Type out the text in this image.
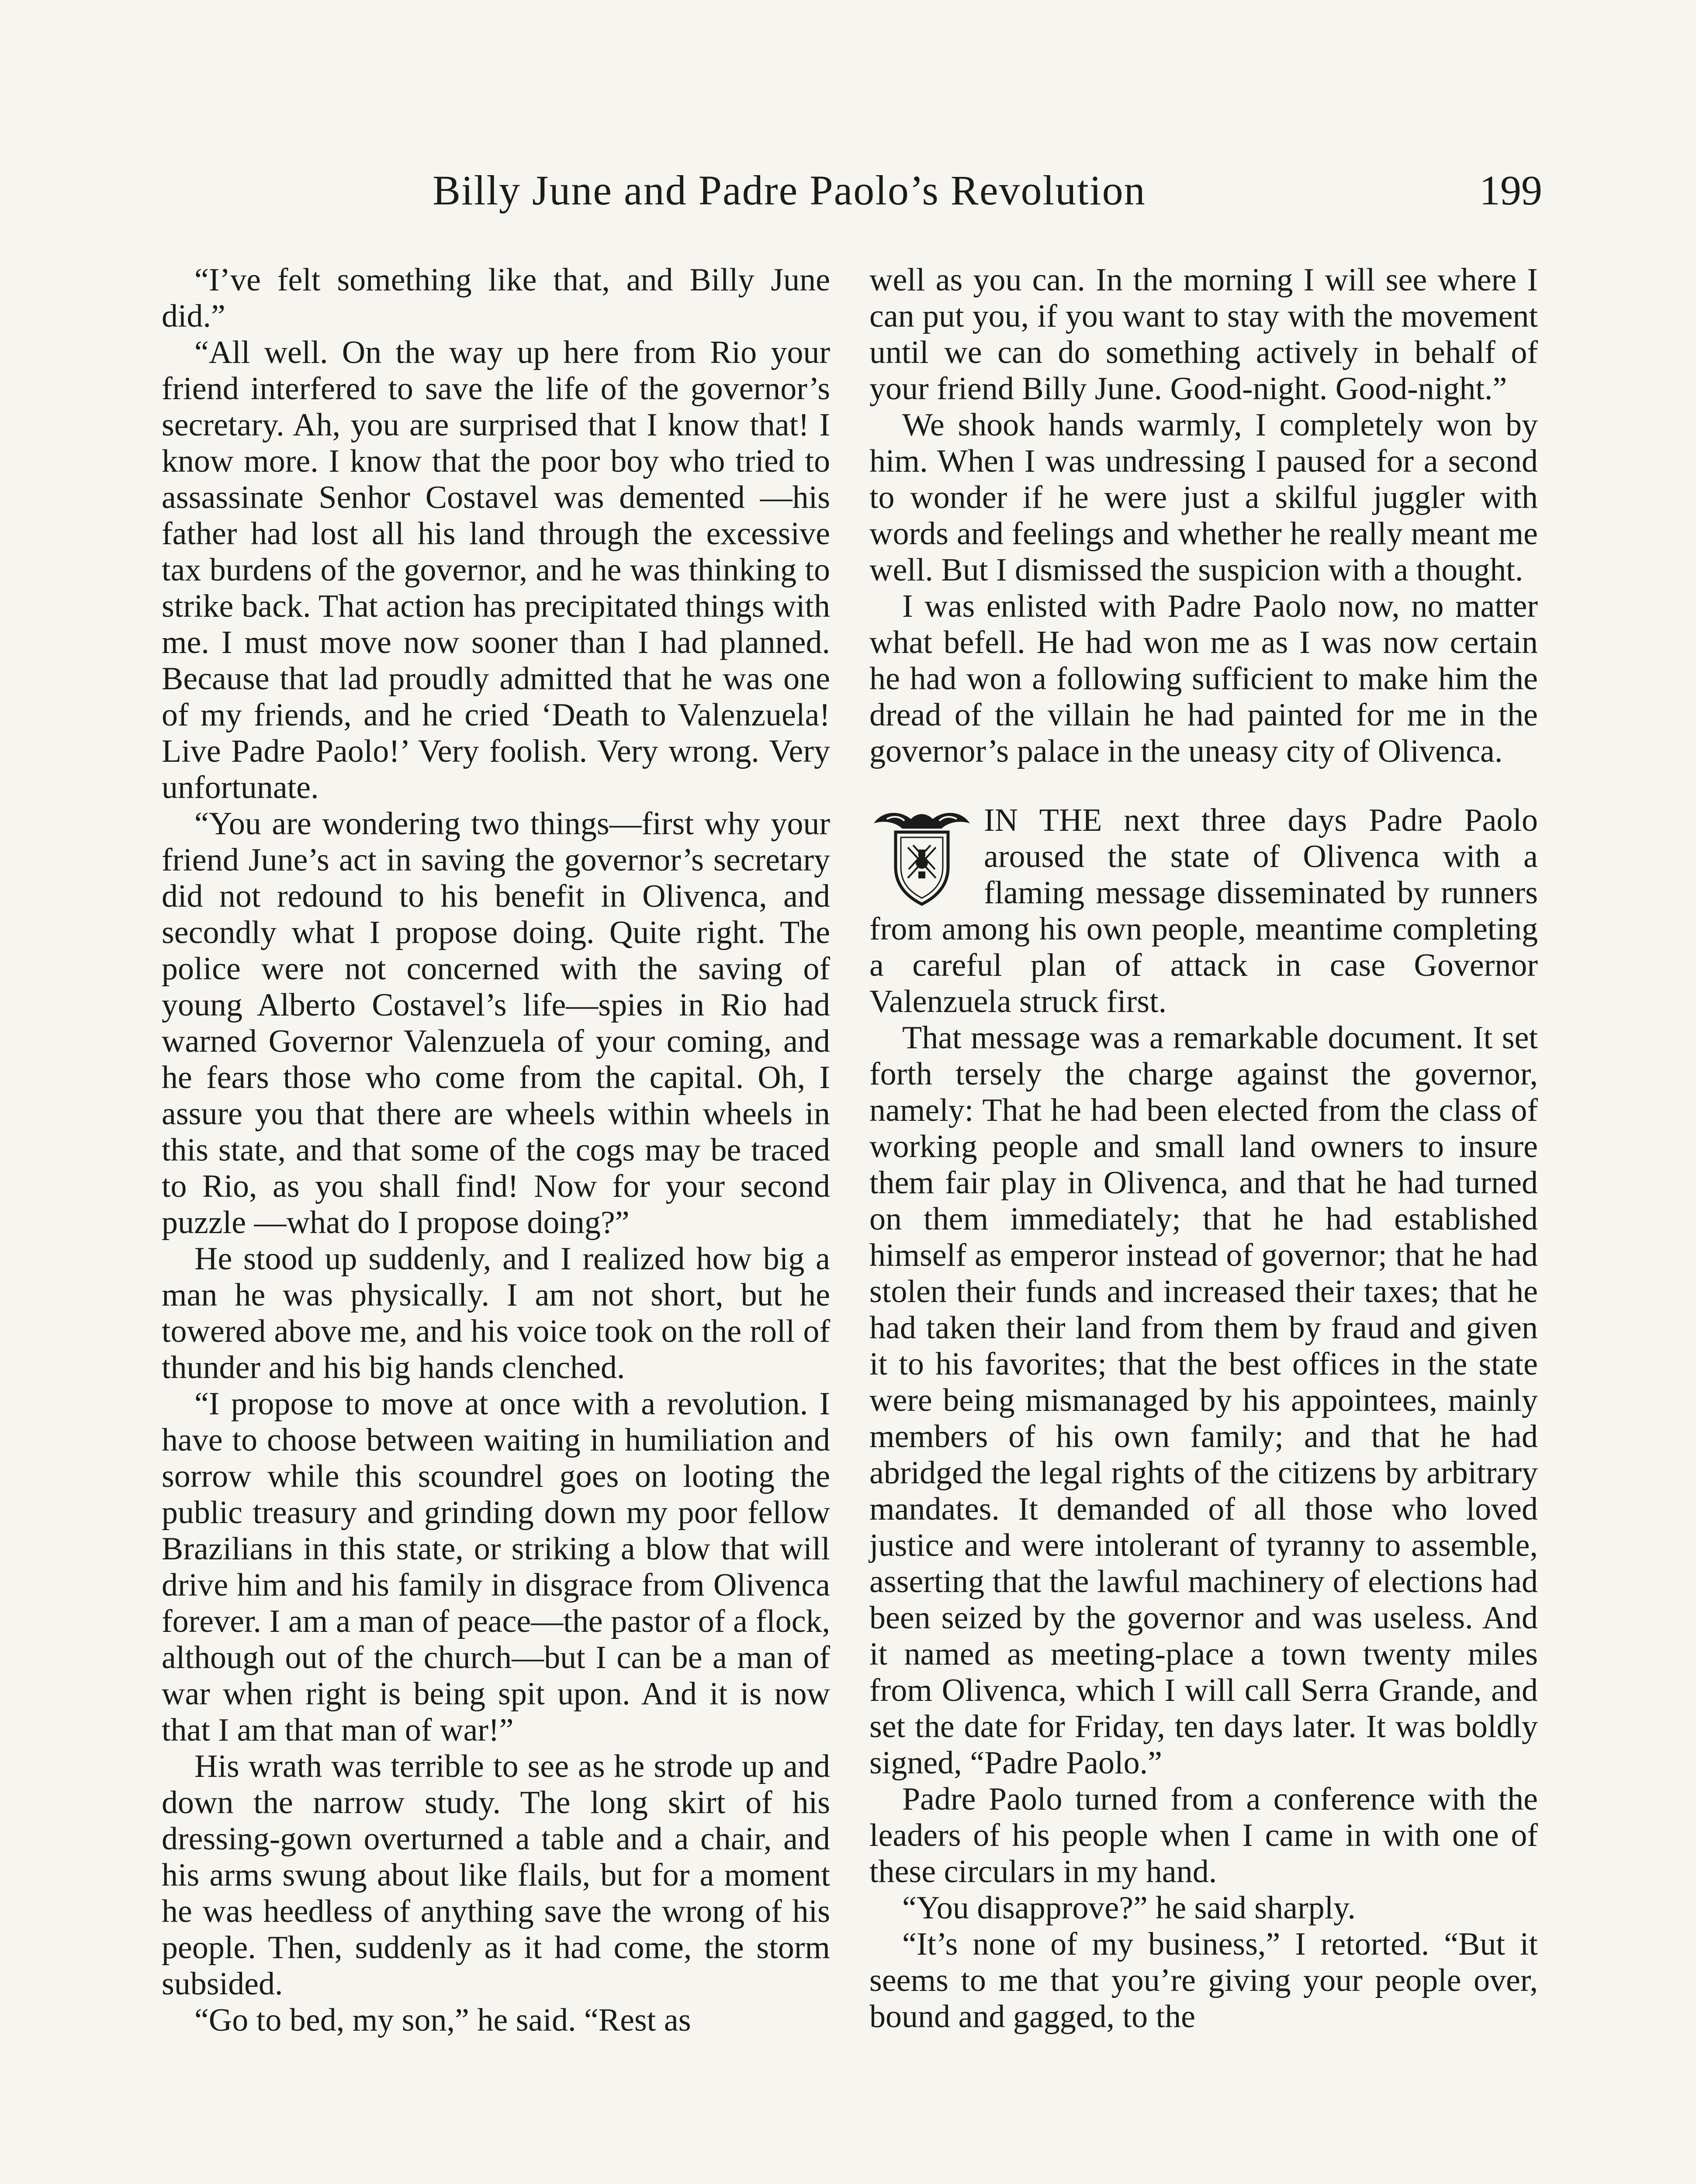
Billy June and Padre Paolo’s Revolution	199

“I’ve felt something like that, and Billy June did.”

“All well. On the way up here from Rio your friend interfered to save the life of the governor’s secretary. Ah, you are surprised that I know that! I know more. I know that the poor boy who tried to assassinate Senhor Costavel was demented —his father had lost all his land through the excessive tax burdens of the governor, and he was thinking to strike back. That action has precipitated things with me. I must move now sooner than I had planned. Because that lad proudly admitted that he was one of my friends, and he cried ‘Death to Valenzuela! Live Padre Paolo!’ Very foolish. Very wrong. Very unfortunate.

“You are wondering two things—first why your friend June’s act in saving the governor’s secretary did not redound to his benefit in Olivenca, and secondly what I propose doing. Quite right. The police were not concerned with the saving of young Alberto Costavel’s life—spies in Rio had warned Governor Valenzuela of your coming, and he fears those who come from the capital. Oh, I assure you that there are wheels within wheels in this state, and that some of the cogs may be traced to Rio, as you shall find! Now for your second puzzle —what do I propose doing?”

He stood up suddenly, and I realized how big a man he was physically. I am not short, but he towered above me, and his voice took on the roll of thunder and his big hands clenched.

“I propose to move at once with a revolution. I have to choose between waiting in humiliation and sorrow while this scoundrel goes on looting the public treasury and grinding down my poor fellow Brazilians in this state, or striking a blow that will drive him and his family in disgrace from Olivenca forever. I am a man of peace—the pastor of a flock, although out of the church—but I can be a man of war when right is being spit upon. And it is now that I am that man of war!”

His wrath was terrible to see as he strode up and down the narrow study. The long skirt of his dressing-gown overturned a table and a chair, and his arms swung about like flails, but for a moment he was heedless of anything save the wrong of his people. Then, suddenly as it had come, the storm subsided.

“Go to bed, my son,” he said. “Rest as

well as you can. In the morning I will see where I can put you, if you want to stay with the movement until we can do something actively in behalf of your friend Billy June. Good-night. Good-night.”

We shook hands warmly, I completely won by him. When I was undressing I paused for a second to wonder if he were just a skilful juggler with words and feelings and whether he really meant me well. But I dismissed the suspicion with a thought.

I was enlisted with Padre Paolo now, no matter what befell. He had won me as I was now certain he had won a following sufficient to make him the dread of the villain he had painted for me in the governor’s palace in the uneasy city of Olivenca.

IN THE next three days Padre Paolo aroused the state of Olivenca with a flaming message disseminated by runners from among his own people, meantime completing a careful plan of attack in case Governor Valenzuela struck first.

That message was a remarkable document. It set forth tersely the charge against the governor, namely: That he had been elected from the class of working people and small land owners to insure them fair play in Olivenca, and that he had turned on them immediately; that he had established himself as emperor instead of governor; that he had stolen their funds and increased their taxes; that he had taken their land from them by fraud and given it to his favorites; that the best offices in the state were being mismanaged by his appointees, mainly members of his own family; and that he had abridged the legal rights of the citizens by arbitrary mandates. It demanded of all those who loved justice and were intolerant of tyranny to assemble, asserting that the lawful machinery of elections had been seized by the governor and was useless. And it named as meeting-place a town twenty miles from Olivenca, which I will call Serra Grande, and set the date for Friday, ten days later. It was boldly signed, “Padre Paolo.”

Padre Paolo turned from a conference with the leaders of his people when I came in with one of these circulars in my hand.

“You disapprove?” he said sharply.

“It’s none of my business,” I retorted. “But it seems to me that you’re giving your people over, bound and gagged, to the
